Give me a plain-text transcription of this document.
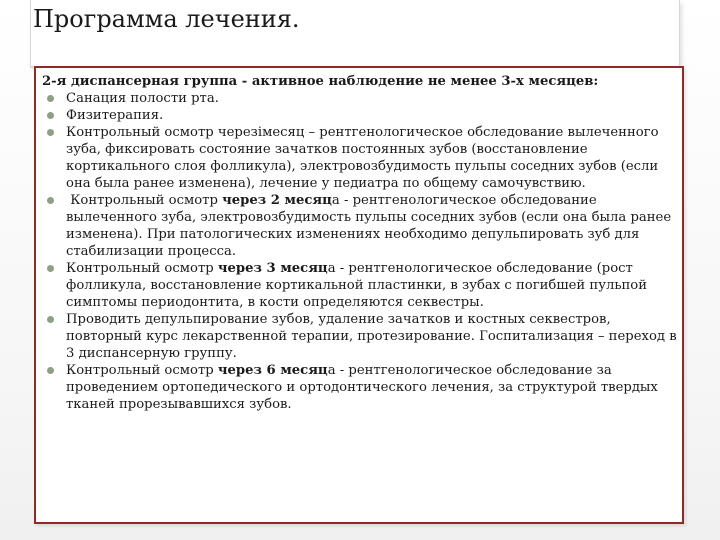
Программа лечения.

2-я диспансерная группа - активное наблюдение не менее 3-х месяцев:

Санация полости рта.
Физитерапия.
Контрольный осмотр черезімесяц – рентгенологическое обследование вылеченного зуба, фиксировать состояние зачатков постоянных зубов (восстановление кортикального слоя фолликула), электровозбудимость пульпы соседних зубов (если она была ранее изменена), лечение у педиатра по общему самочувствию.
Контрольный осмотр через 2 месяца - рентгенологическое обследование вылеченного зуба, электровозбудимость пульпы соседних зубов (если она была ранее изменена). При патологических изменениях необходимо депульпировать зуб для стабилизации процесса.
Контрольный осмотр через 3 месяца - рентгенологическое обследование (рост фолликула, восстановление кортикальной пластинки, в зубах с погибшей пульпой симптомы периодонтита, в кости определяются секвестры.
Проводить депульпирование зубов, удаление зачатков и костных секвестров, повторный курс лекарственной терапии, протезирование. Госпитализация – переход в 3 диспансерную группу.
Контрольный осмотр через 6 месяца - рентгенологическое обследование за проведением ортопедического и ортодонтического лечения, за структурой твердых тканей прорезывавшихся зубов.
